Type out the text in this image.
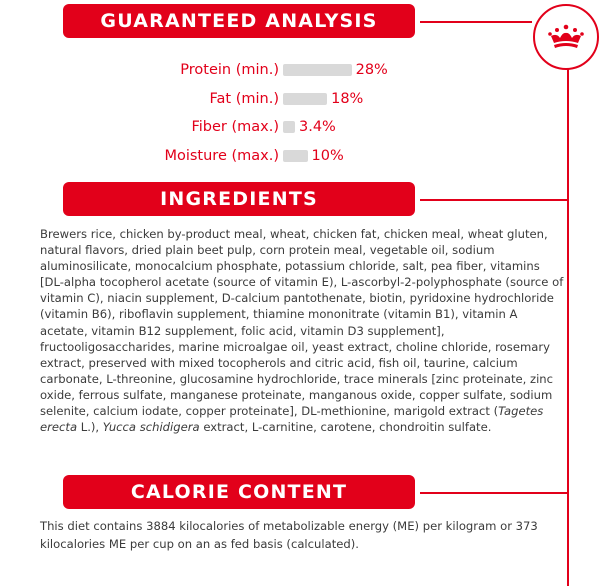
GUARANTEED ANALYSIS
Protein (min.)	28%
Fat (min.)	18%
Fiber (max.) 3.4%
Moisture (max.) 10%
INGREDIENTS

Brewers rice, chicken by-product meal, wheat, chicken fat, chicken meal, wheat gluten, natural flavors, dried plain beet pulp, corn protein meal, vegetable oil, sodium aluminosilicate, monocalcium phosphate, potassium chloride, salt, pea fiber, vitamins [DL-alpha tocopherol acetate (source of vitamin E), L-ascorbyl-2-polyphosphate (source of vitamin C), niacin supplement, D-calcium pantothenate, biotin, pyridoxine hydrochloride (vitamin B6), riboflavin supplement, thiamine mononitrate (vitamin B1), vitamin A acetate, vitamin B12 supplement, folic acid, vitamin D3 supplement], fructooligosaccharides, marine microalgae oil, yeast extract, choline chloride, rosemary extract, preserved with mixed tocopherols and citric acid, fish oil, taurine, calcium carbonate, L-threonine, glucosamine hydrochloride, trace minerals [zinc proteinate, zinc oxide, ferrous sulfate, manganese proteinate, manganous oxide, copper sulfate, sodium selenite, calcium iodate, copper proteinate], DL-methionine, marigold extract (Tagetes erecta L.), Yucca schidigera extract, L-carnitine, carotene, chondroitin sulfate.

CALORIE CONTENT

This diet contains 3884 kilocalories of metabolizable energy (ME) per kilogram or 373 kilocalories ME per cup on an as fed basis (calculated).
